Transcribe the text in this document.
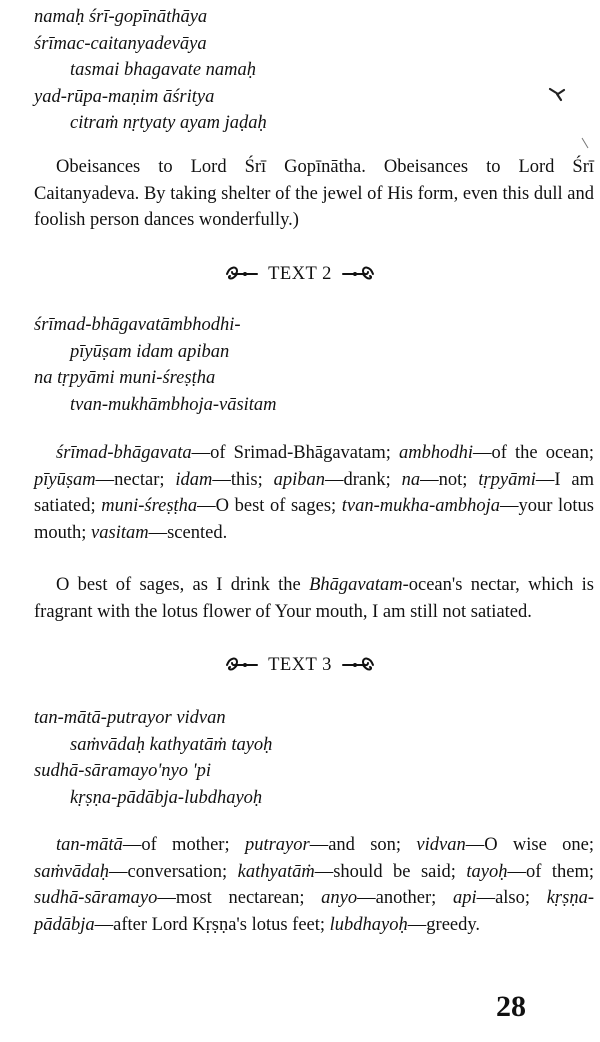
namaḥ śrī-gopīnāthāya
śrīmac-caitanyadevāya
tasmai bhagavate namaḥ
yad-rūpa-maṇim āśritya
citraṁ nṛtyaty ayam jaḍaḥ
Obeisances to Lord Śrī Gopīnātha. Obeisances to Lord Śrī Caitanyadeva. By taking shelter of the jewel of His form, even this dull and foolish person dances wonderfully.)
TEXT 2
śrīmad-bhāgavatāmbhodhi-
pīyūṣam idam apiban
na tṛpyāmi muni-śreṣṭha
tvan-mukhāmbhoja-vāsitam
śrīmad-bhāgavata—of Srimad-Bhāgavatam; ambhodhi—of the ocean; pīyūṣam—nectar; idam—this; apiban—drank; na—not; tṛpyāmi—I am satiated; muni-śreṣṭha—O best of sages; tvan-mukha-ambhoja—your lotus mouth; vasitam—scented.
O best of sages, as I drink the Bhāgavatam-ocean's nectar, which is fragrant with the lotus flower of Your mouth, I am still not satiated.
TEXT 3
tan-mātā-putrayor vidvan
saṁvādaḥ kathyatāṁ tayoḥ
sudhā-sāramayo'nyo 'pi
kṛṣṇa-pādābja-lubdhayoḥ
tan-mātā—of mother; putrayor—and son; vidvan—O wise one; saṁvādaḥ—conversation; kathyatāṁ—should be said; tayoḥ—of them; sudhā-sāramayo—most nectarean; anyo—another; api—also; kṛṣṇa-pādābja—after Lord Kṛṣṇa's lotus feet; lubdhayoḥ—greedy.
28
